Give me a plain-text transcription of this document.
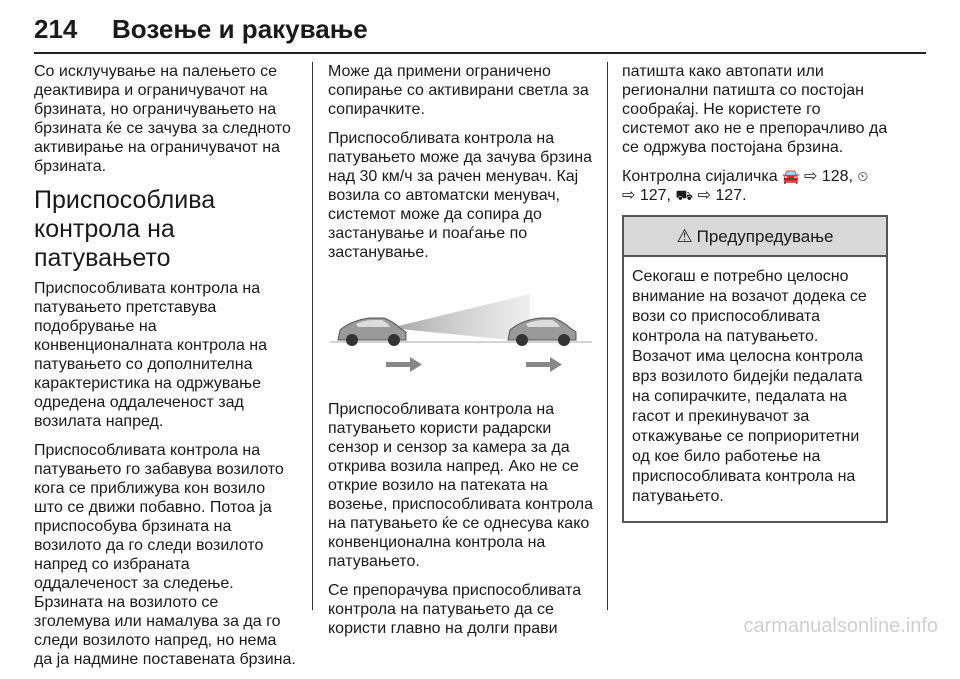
214 Возење и ракување

Со исклучување на палењето се деактивира и ограничувачот на брзината, но ограничувањето на брзината ќе се зачува за следното активирање на ограничувачот на брзината.

Приспособлива контрола на патувањето

Приспособливата контрола на патувањето претставува подобрување на конвенционалната контрола на патувањето со дополнителна карактеристика на одржување одредена оддалеченост зад возилата напред.

Приспособливата контрола на патувањето го забавува возилото кога се приближува кон возило што се движи побавно. Потоа ја приспособува брзината на возилото да го следи возилото напред со избраната оддалеченост за следење. Брзината на возилото се зголемува или намалува за да го следи возилото напред, но нема да ја надмине поставената брзина.

Може да примени ограничено сопирање со активирани светла за сопирачките.

Приспособливата контрола на патувањето може да зачува брзина над 30 км/ч за рачен менувач. Кај возила со автоматски менувач, системот може да сопира до застанување и поаѓање по застанување.

Приспособливата контрола на патувањето користи радарски сензор и сензор за камера за да открива возила напред. Ако не се открие возило на патеката на возење, приспособливата контрола на патувањето ќе се однесува како конвенционална контрола на патувањето.

Се препорачува приспособливата контрола на патувањето да се користи главно на долги прави

патишта како автопати или регионални патишта со постојан сообраќај. Не користете го системот ако не е препорачливо да се одржува постојана брзина.

Контролна сијаличка 🚘 ⇨ 128, ⏲
⇨ 127, ⛟ ⇨ 127.

⚠ Предупредување

Секогаш е потребно целосно внимание на возачот додека се вози со приспособливата контрола на патувањето. Возачот има целосна контрола врз возилото бидејќи педалата на сопирачките, педалата на гасот и прекинувачот за откажување се поприоритетни од кое било работење на приспособливата контрола на патувањето.

carmanualsonline.info
